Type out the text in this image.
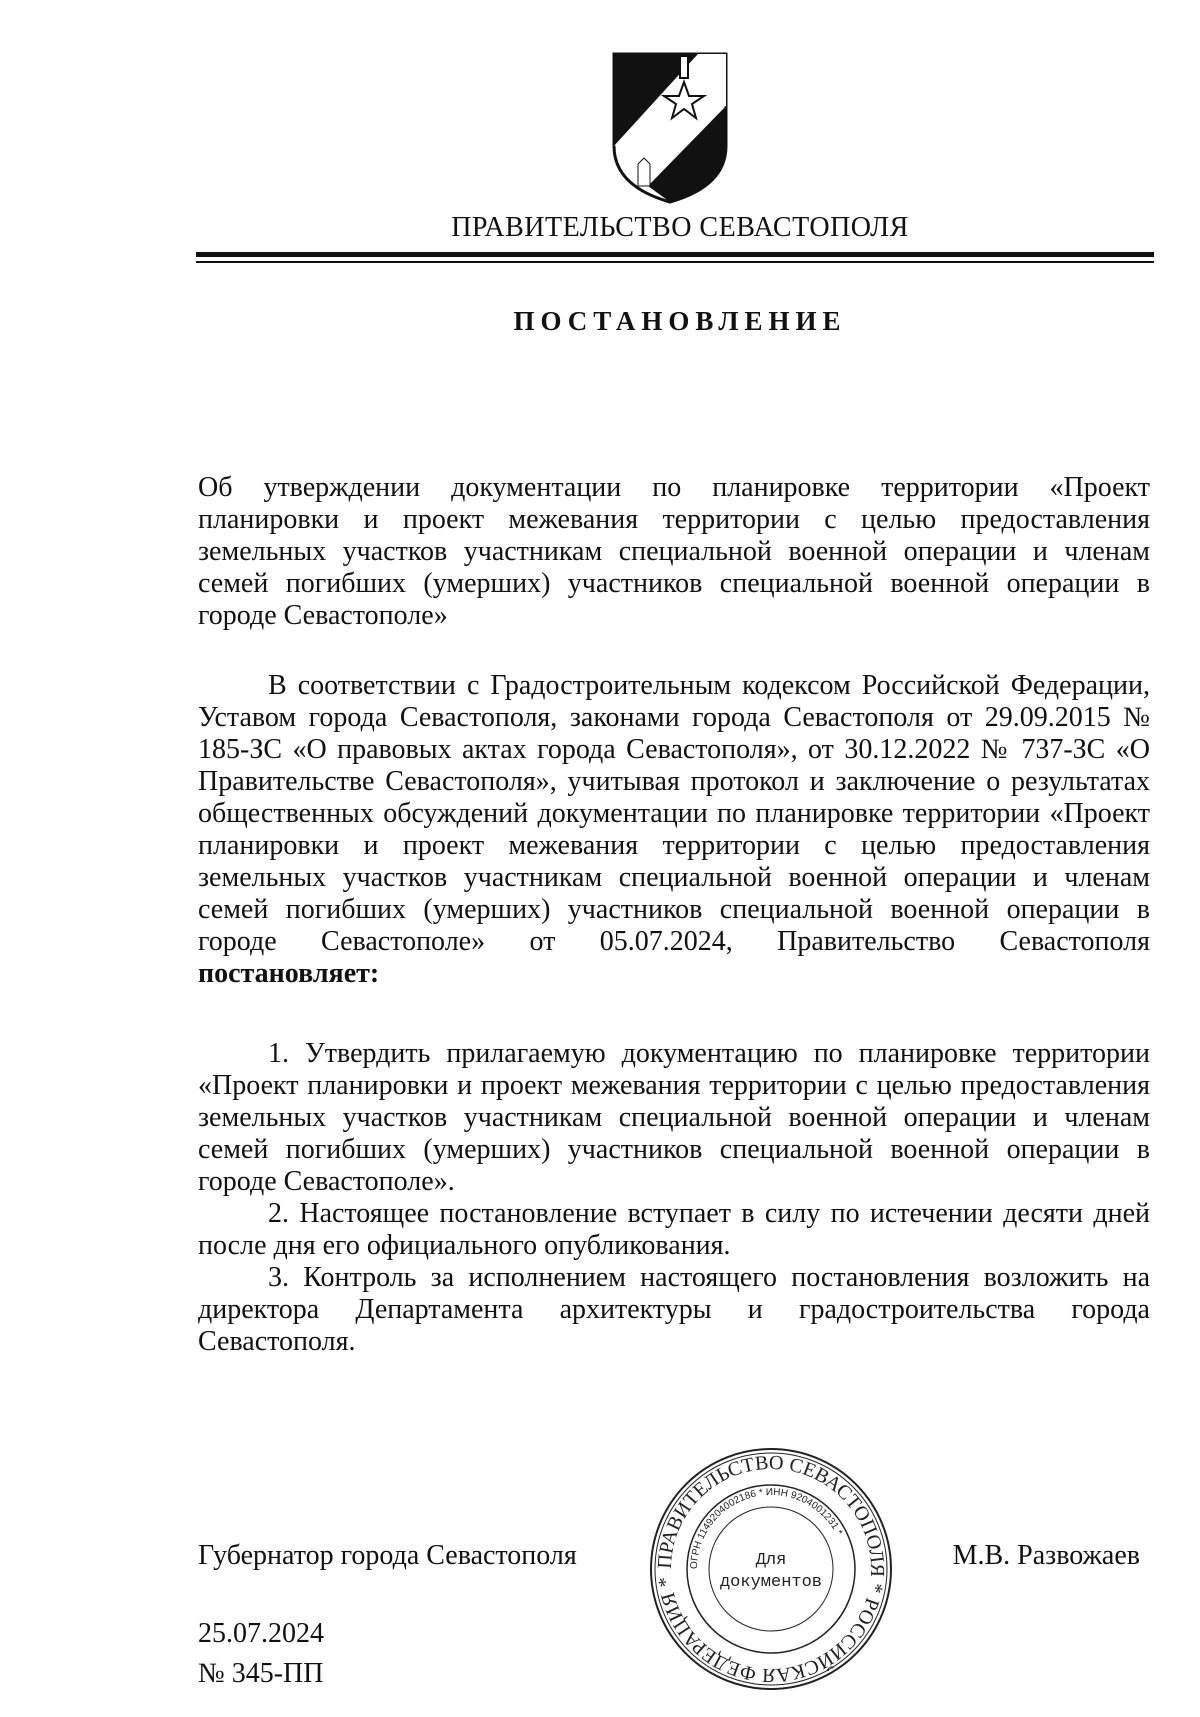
ПРАВИТЕЛЬСТВО СЕВАСТОПОЛЯ
ПОСТАНОВЛЕНИЕ

Об утверждении документации по планировке территории «Проект планировки и проект межевания территории с целью предоставления земельных участков участникам специальной военной операции и членам семей погибших (умерших) участников специальной военной операции в городе Севастополе»

В соответствии с Градостроительным кодексом Российской Федерации, Уставом города Севастополя, законами города Севастополя от 29.09.2015 № 185-ЗС «О правовых актах города Севастополя», от 30.12.2022 № 737-ЗС «О Правительстве Севастополя», учитывая протокол и заключение о результатах общественных обсуждений документации по планировке территории «Проект планировки и проект межевания территории с целью предоставления земельных участков участникам специальной военной операции и членам семей погибших (умерших) участников специальной военной операции в городе Севастополе» от 05.07.2024, Правительство Севастополя постановляет:

1. Утвердить прилагаемую документацию по планировке территории «Проект планировки и проект межевания территории с целью предоставления земельных участков участникам специальной военной операции и членам семей погибших (умерших) участников специальной военной операции в городе Севастополе».

2. Настоящее постановление вступает в силу по истечении десяти дней после дня его официального опубликования.

3. Контроль за исполнением настоящего постановления возложить на директора Департамента архитектуры и градостроительства города Севастополя.

Губернатор города Севастополя	М.В. Развожаев
ПРАВИТЕЛЬСТВО СЕВАСТОПОЛЯ * РОССИЙСКАЯ ФЕДЕРАЦИЯ *
ОГРН 1149204002186 * ИНН 9204001231 *
Для
документов
25.07.2024
№ 345-ПП
